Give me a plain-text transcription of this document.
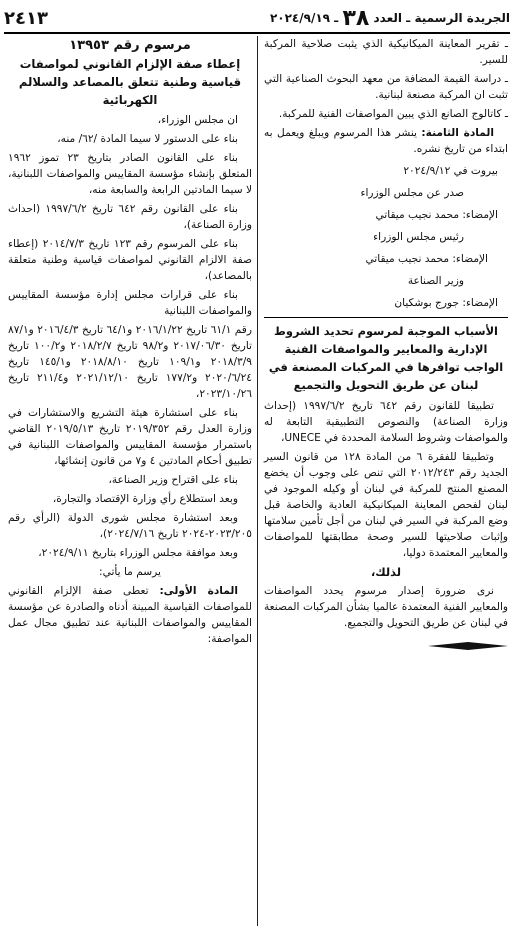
الجريدة الرسمية ـ العدد ٣٨ ـ ٢٠٢٤/٩/١٩
٢٤١٣

ـ تقرير المعاينة الميكانيكية الذي يثبت صلاحية المركبة للسير.

ـ دراسة القيمة المضافة من معهد البحوث الصناعية التي تثبت ان المركبة مصنعة لبنانية.

ـ كاتالوج الصانع الذي يبين المواصفات الفنية للمركبة.

المادة الثامنة: ينشر هذا المرسوم ويبلغ ويعمل به ابتداء من تاريخ نشره.

بيروت في ٢٠٢٤/٩/١٢

صدر عن مجلس الوزراء

الإمضاء: محمد نجيب ميقاتي

رئيس مجلس الوزراء

الإمضاء: محمد نجيب ميقاتي

وزير الصناعة

الإمضاء: جورج بوشكيان

الأسباب الموجبة لمرسوم تحديد الشروط الإدارية والمعايير والمواصفات الفنية الواجب توافرها في المركبات المصنعة في لبنان عن طريق التحويل والتجميع

تطبيقا للقانون رقم ٦٤٢ تاريخ ١٩٩٧/٦/٢ (إحداث وزارة الصناعة) والنصوص التطبيقية التابعة له والمواصفات وشروط السلامة المحددة في UNECE،

وتطبيقا للفقرة ٦ من المادة ١٢٨ من قانون السير الجديد رقم ٢٠١٢/٢٤٣ التي تنص على وجوب أن يخضع المصنع المنتج للمركبة في لبنان أو وكيله الموجود في لبنان لفحص المعاينة الميكانيكية العادية والخاصة قبل وضع المركبة في السير في لبنان من أجل تأمين سلامتها وإثبات صلاحيتها للسير وصحة مطابقتها للمواصفات والمعايير المعتمدة دوليا،

لذلك،

نرى ضرورة إصدار مرسوم يحدد المواصفات والمعايير الفنية المعتمدة عالميا بشأن المركبات المصنعة في لبنان عن طريق التحويل والتجميع.

مرسوم رقم ١٣٩٥٣

إعطاء صفة الإلزام القانوني لمواصفات قياسية وطنية تتعلق بالمصاعد والسلالم الكهربائية

ان مجلس الوزراء،

بناء على الدستور لا سيما المادة /٦٢/ منه،

بناء على القانون الصادر بتاريخ ٢٣ تموز ١٩٦٢ المتعلق بإنشاء مؤسسة المقاييس والمواصفات اللبنانية، لا سيما المادتين الرابعة والسابعة منه،

بناء على القانون رقم ٦٤٢ تاريخ ١٩٩٧/٦/٢ (احداث وزارة الصناعة)،

بناء على المرسوم رقم ١٢٣ تاريخ ٢٠١٤/٧/٣ (إعطاء صفة الالزام القانوني لمواصفات قياسية وطنية متعلقة بالمصاعد)،

بناء على قرارات مجلس إدارة مؤسسة المقاييس والمواصفات اللبنانية

رقم ٦١/١ تاريخ ٢٠١٦/١/٢٢ و٦٤/١ تاريخ ٢٠١٦/٤/٣ و٨٧/١ تاريخ ٢٠١٧/٠٦/٣٠ و٩٨/٢ تاريخ ٢٠١٨/٢/٧ و١٠٠/٢ تاريخ ٢٠١٨/٣/٩ و١٠٩/١ تاريخ ٢٠١٨/٨/١٠ و١٤٥/١ تاريخ ٢٠٢٠/٦/٢٤ و١٧٧/٢ تاريخ ٢٠٢١/١٢/١٠ و٢١١/٤ تاريخ ٢٠٢٣/١٠/٢٦،

بناء على استشارة هيئة التشريع والاستشارات في وزارة العدل رقم ٢٠١٩/٣٥٢ تاريخ ٢٠١٩/٥/١٣ القاضي باستمرار مؤسسة المقاييس والمواصفات اللبنانية في تطبيق أحكام المادتين ٤ و٧ من قانون إنشائها،

بناء على اقتراح وزير الصناعة،

وبعد استطلاع رأي وزارة الإقتصاد والتجارة،

وبعد استشارة مجلس شورى الدولة (الرأي رقم ٢٠٢٣/٢٠٥-٢٠٢٤ تاريخ ٢٠٢٤/٧/١٦)،

وبعد موافقة مجلس الوزراء بتاريخ ٢٠٢٤/٩/١١،

يرسم ما يأتي:

المادة الأولى: تعطى صفة الإلزام القانوني للمواصفات القياسية المبينة أدناه والصادرة عن مؤسسة المقاييس والمواصفات اللبنانية عند تطبيق مجال عمل المواصفة:
